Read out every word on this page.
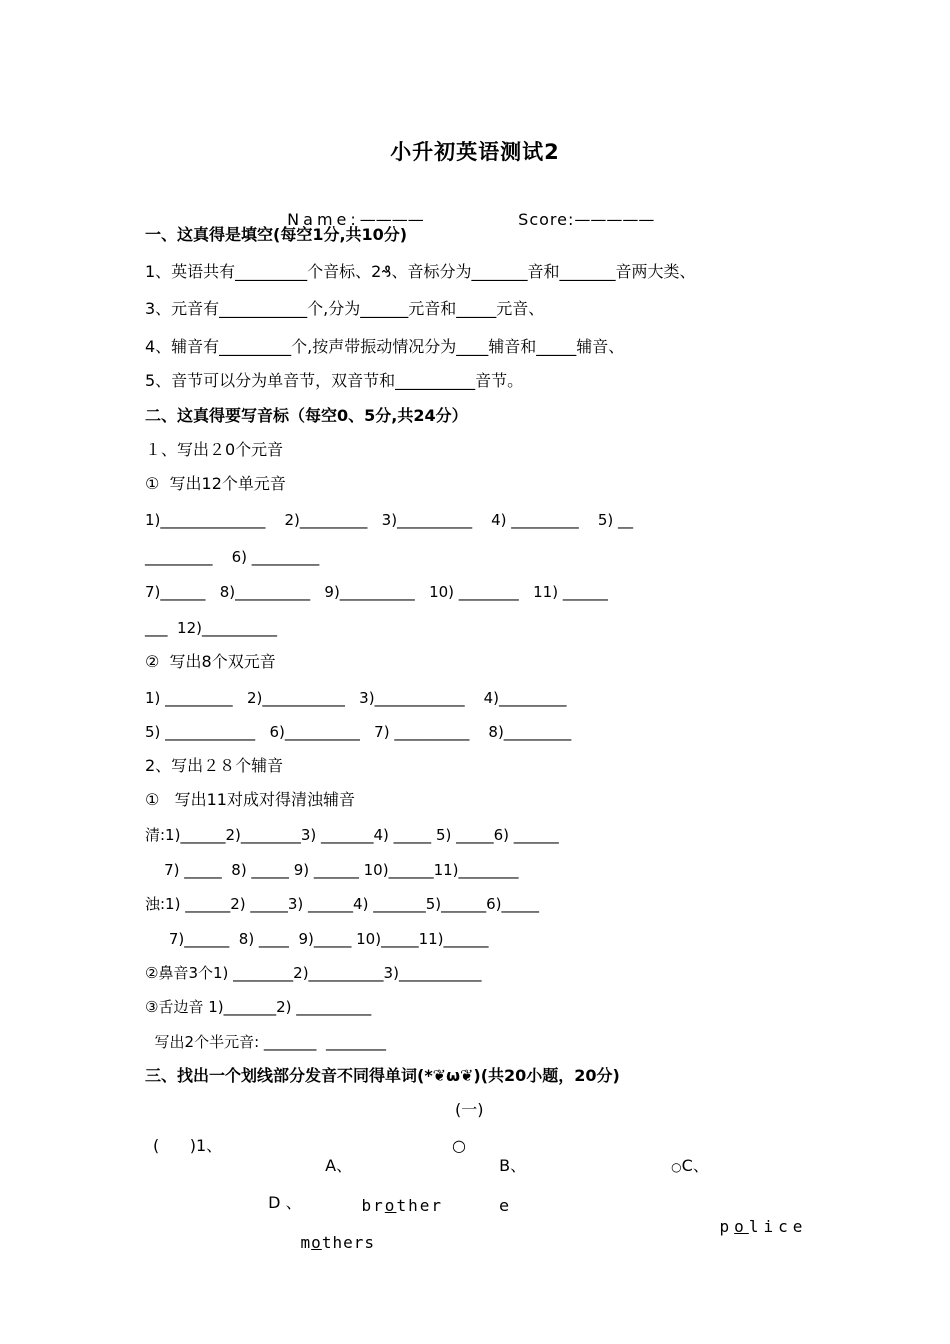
小升初英语测试2

Name:————	Score:—————

一、这真得是填空(每空1分,共10分)
1、英语共有_________个音标、2₰、音标分为_______音和_______音两大类、
3、元音有___________个,分为______元音和_____元音、
4、辅音有_________个,按声带振动情况分为____辅音和_____辅音、
5、音节可以分为单音节，双音节和__________音节。
二、这真得要写音标（每空0、5分,共24分）
１、写出２0个元音
①  写出12个单元音
1)______________    2)_________   3)__________    4) _________    5) __
_________    6) _________
7)______   8)__________   9)__________   10) ________   11) ______
___  12)__________
②  写出8个双元音
1) _________   2)___________   3)____________    4)_________
5) ____________   6)__________   7) __________    8)_________
2、写出２８个辅音
①   写出11对成对得清浊辅音
清:1)______2)________3) _______4) _____ 5) _____6) ______
7) _____  8) _____ 9) ______ 10)______11)________
浊:1) ______2) _____3) ______4) _______5)______6)_____
7)______  8) ____  9)_____ 10)_____11)______
②鼻音3个1) ________2)__________3)___________
③舌边音 1)_______2) __________
写出2个半元音: _______  ________
三、找出一个划线部分发音不同得单词(*❦ω❦)(共20小题，20分)
(一)
(      )1、

A、

brother

○

B、

e

○C、

police

D 、

mothers
